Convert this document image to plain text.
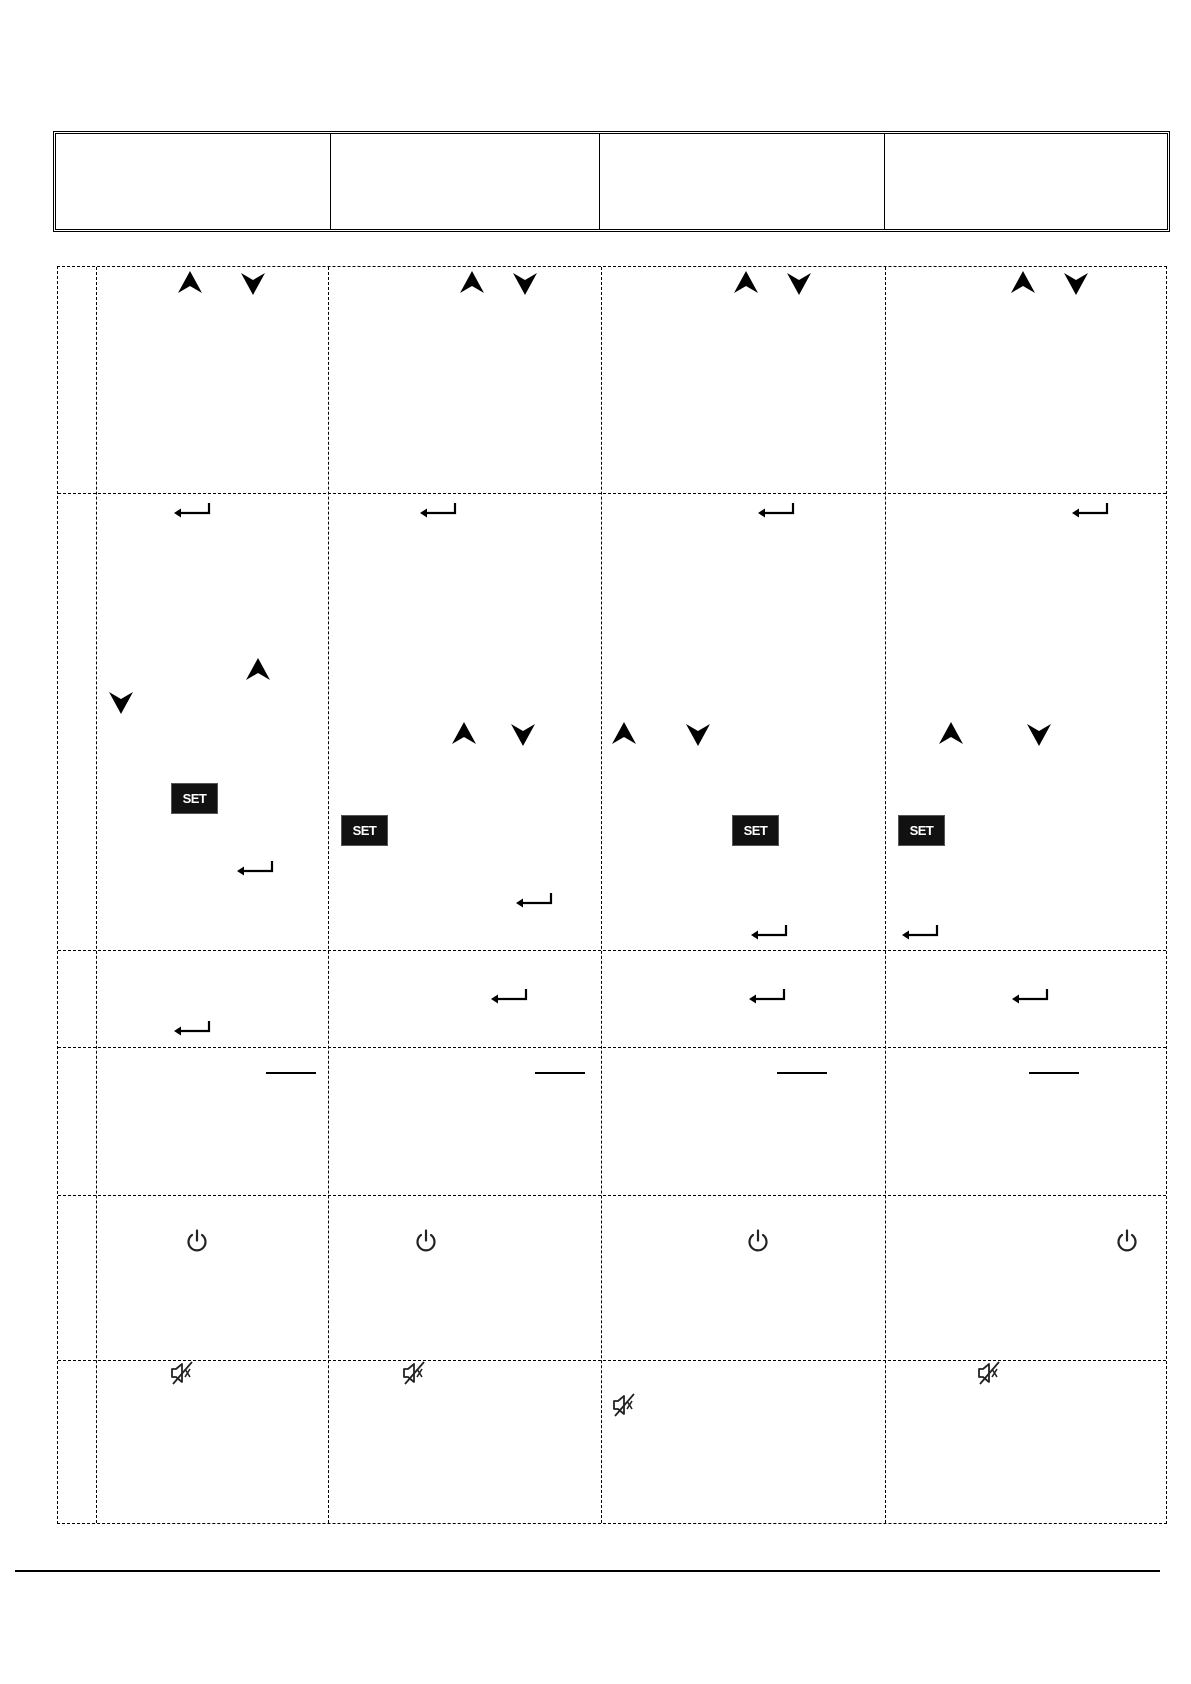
SET
SET	SET	SET
